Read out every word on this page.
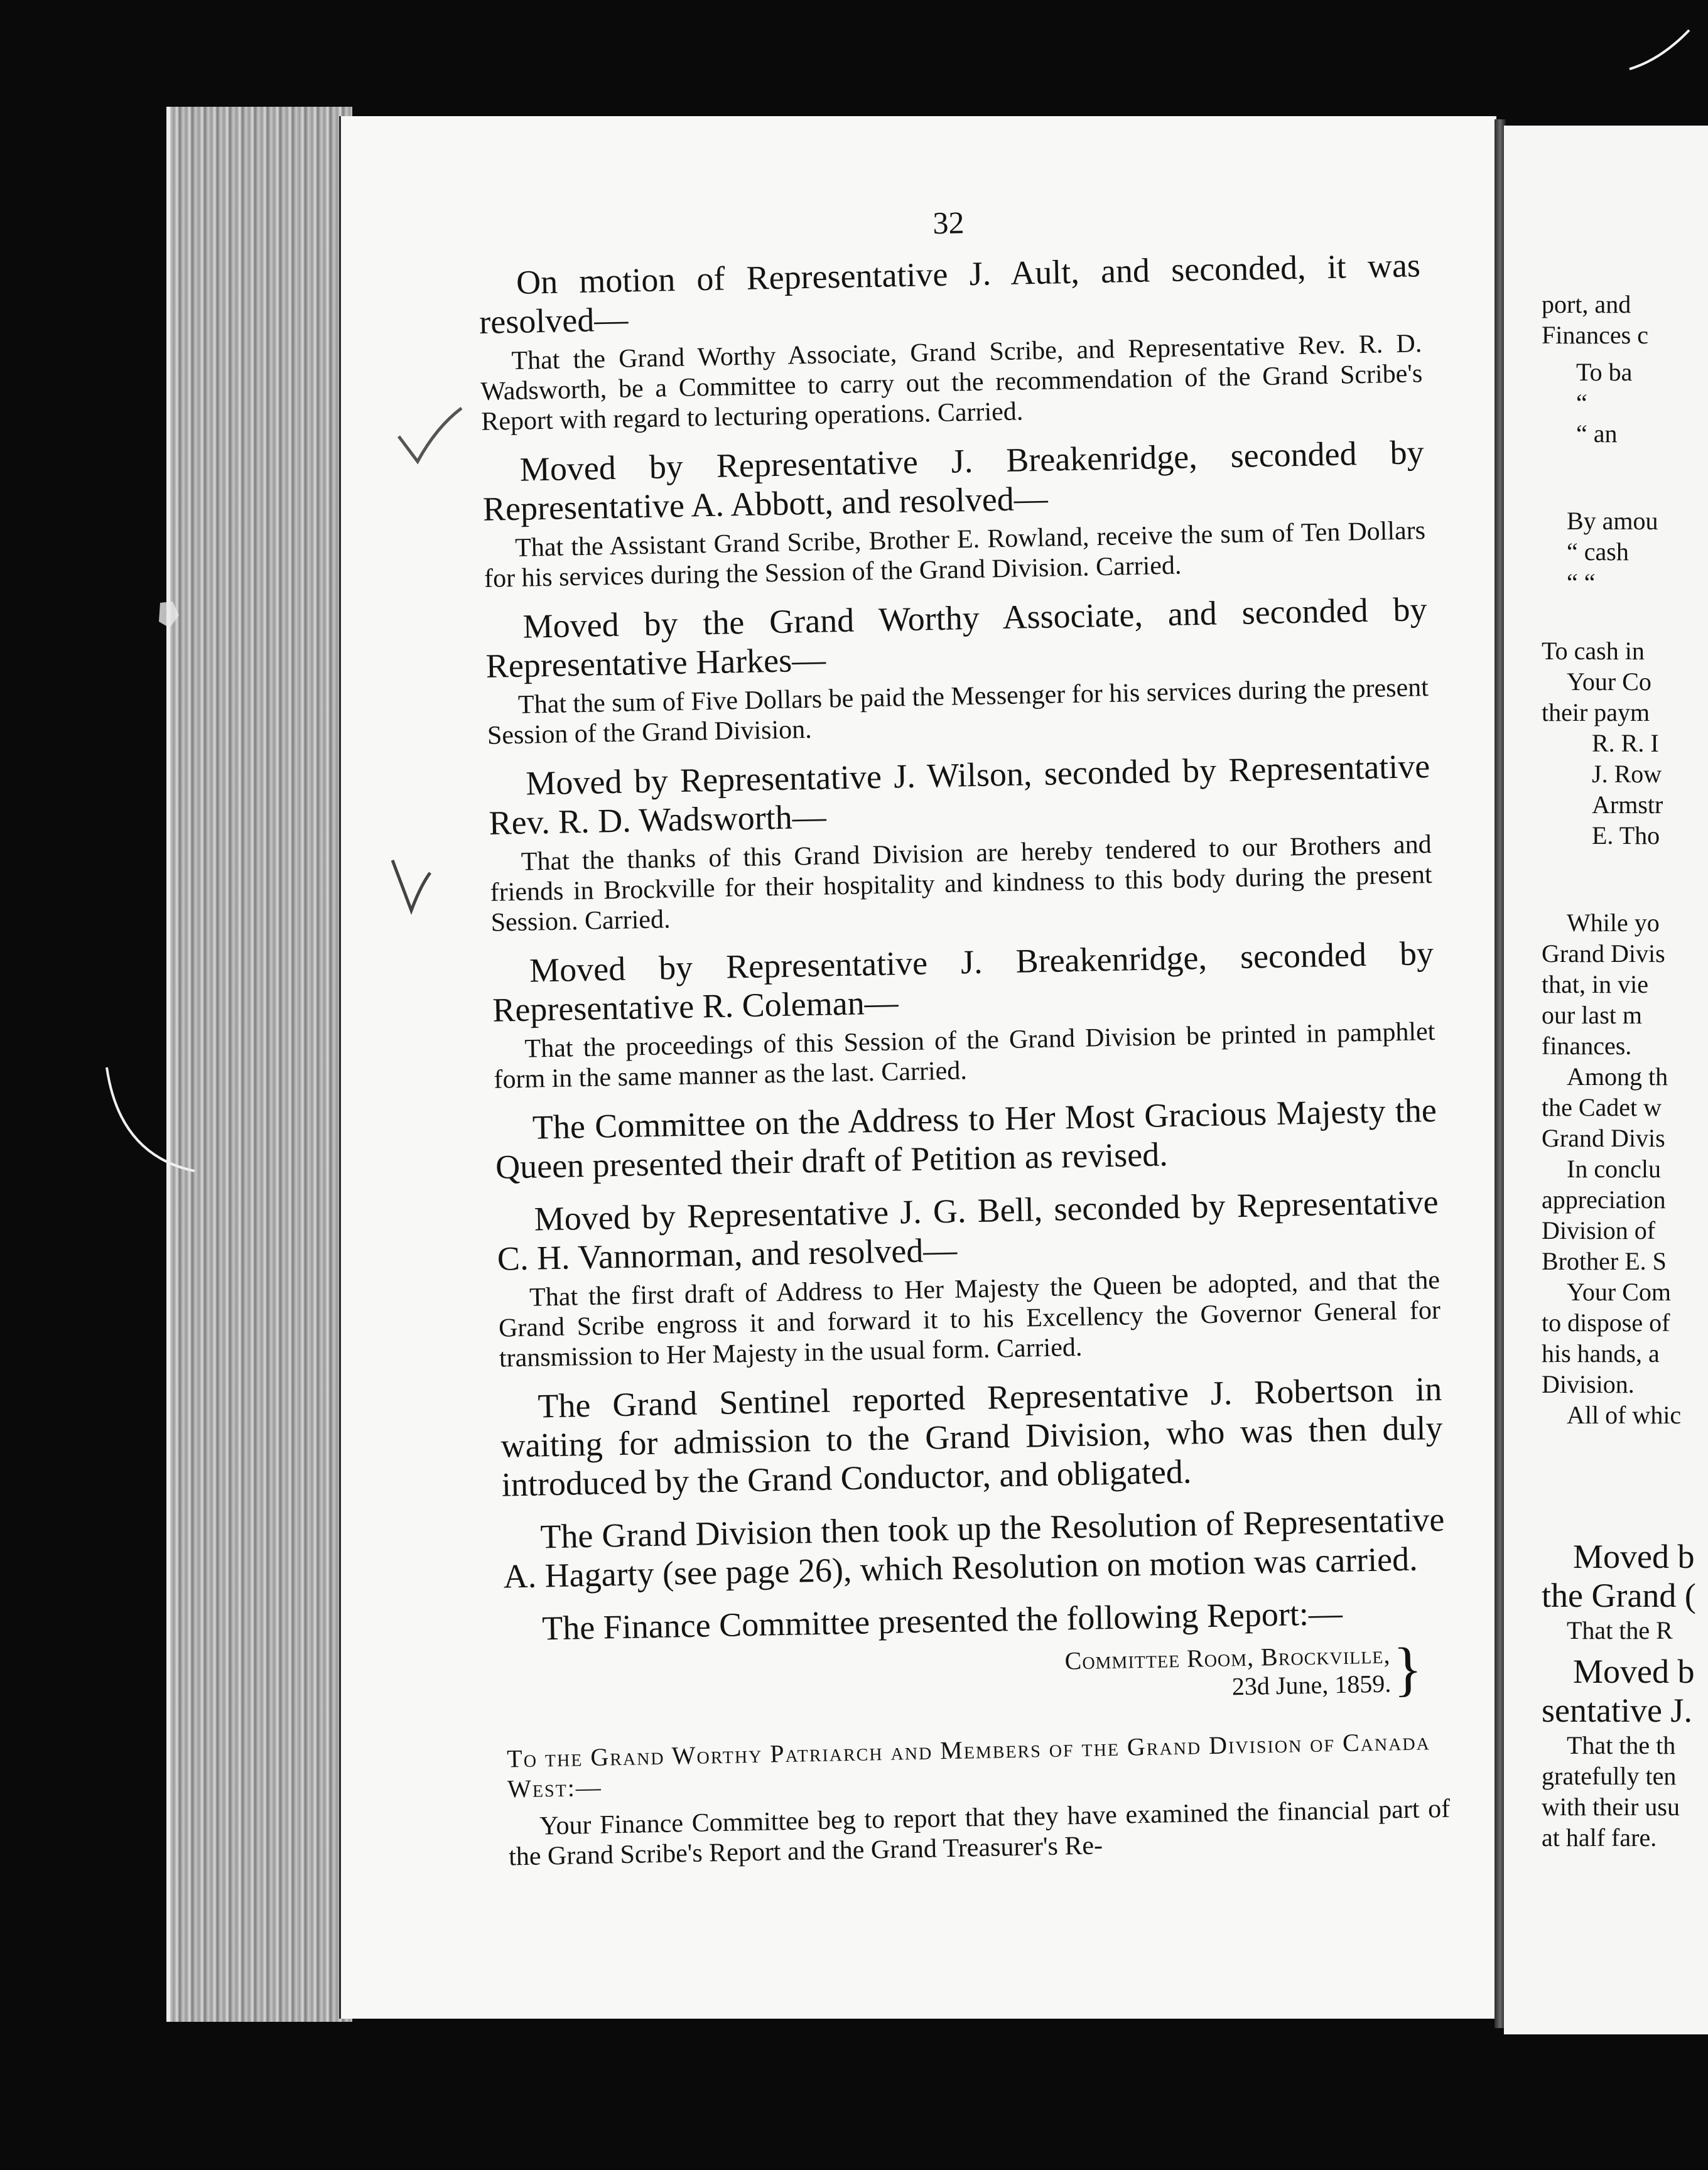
32
On motion of Representative J. Ault, and seconded, it was resolved—
That the Grand Worthy Associate, Grand Scribe, and Representative Rev. R. D. Wadsworth, be a Committee to carry out the recommendation of the Grand Scribe's Report with regard to lecturing operations. Carried.
Moved by Representative J. Breakenridge, seconded by Representative A. Abbott, and resolved—
That the Assistant Grand Scribe, Brother E. Rowland, receive the sum of Ten Dollars for his services during the Session of the Grand Division. Carried.
Moved by the Grand Worthy Associate, and seconded by Representative Harkes—
That the sum of Five Dollars be paid the Messenger for his services during the present Session of the Grand Division.
Moved by Representative J. Wilson, seconded by Representative Rev. R. D. Wadsworth—
That the thanks of this Grand Division are hereby tendered to our Brothers and friends in Brockville for their hospitality and kindness to this body during the present Session. Carried.
Moved by Representative J. Breakenridge, seconded by Representative R. Coleman—
That the proceedings of this Session of the Grand Division be printed in pamphlet form in the same manner as the last. Carried.
The Committee on the Address to Her Most Gracious Majesty the Queen presented their draft of Petition as revised.
Moved by Representative J. G. Bell, seconded by Representative C. H. Vannorman, and resolved—
That the first draft of Address to Her Majesty the Queen be adopted, and that the Grand Scribe engross it and forward it to his Excellency the Governor General for transmission to Her Majesty in the usual form. Carried.
The Grand Sentinel reported Representative J. Robertson in waiting for admission to the Grand Division, who was then duly introduced by the Grand Conductor, and obligated.
The Grand Division then took up the Resolution of Representative A. Hagarty (see page 26), which Resolution on motion was carried.
The Finance Committee presented the following Report:—
Committee Room, Brockville,
23d June, 1859. }
To the Grand Worthy Patriarch and Members of the Grand Division of Canada West:—
Your Finance Committee beg to report that they have examined the financial part of the Grand Scribe's Report and the Grand Treasurer's Re-
port, and
Finances c
To ba
“
“ an
By amou
“ cash
“ “
To cash in
Your Co
their paym
R. R. I
J. Row
Armstr
E. Tho
While yo
Grand Divis
that, in vie
our last m
finances.
Among th
the Cadet w
Grand Divis
In conclu
appreciation
Division of
Brother E. S
Your Com
to dispose of
his hands, a
Division.
All of whic
Moved b
the Grand (
That the R
Moved b
sentative J.
That the th
gratefully ten
with their usu
at half fare.
